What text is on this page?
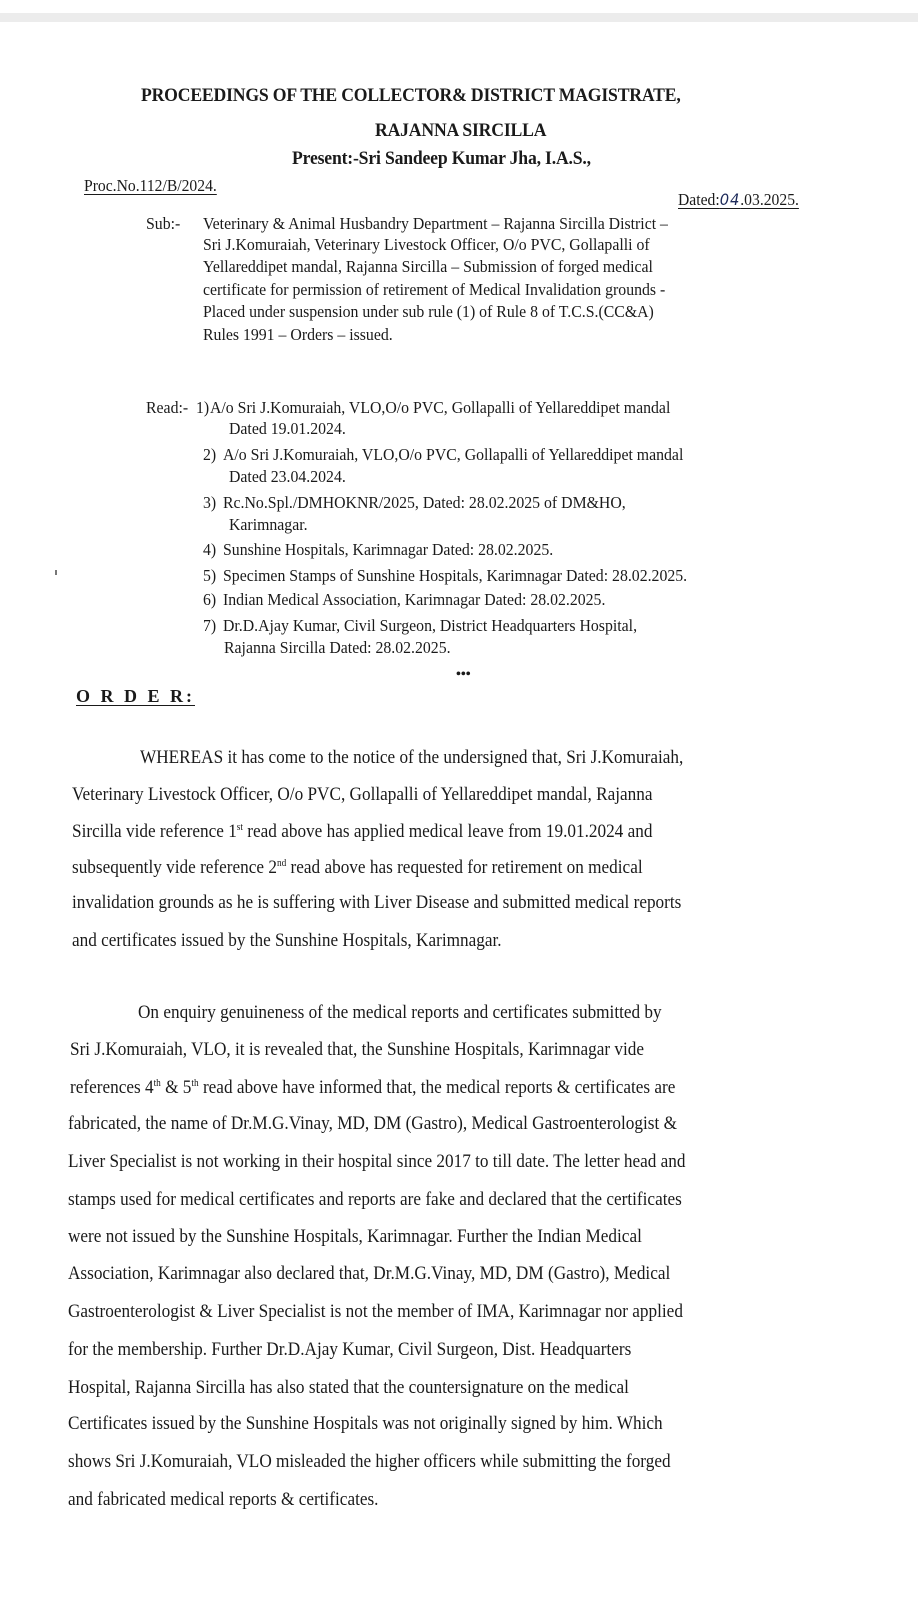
PROCEEDINGS OF THE COLLECTOR& DISTRICT MAGISTRATE,
RAJANNA SIRCILLA
Present:-Sri Sandeep Kumar Jha, I.A.S.,
Proc.No.112/B/2024.
Dated:04.03.2025.
Sub:- Veterinary & Animal Husbandry Department – Rajanna Sircilla District –
Sri J.Komuraiah, Veterinary Livestock Officer, O/o PVC, Gollapalli of
Yellareddipet mandal, Rajanna Sircilla – Submission of forged medical
certificate for permission of retirement of Medical Invalidation grounds -
Placed under suspension under sub rule (1) of Rule 8 of T.C.S.(CC&A)
Rules 1991 – Orders – issued.
Read:- 1) A/o Sri J.Komuraiah, VLO,O/o PVC, Gollapalli of Yellareddipet mandal
Dated 19.01.2024.
2) A/o Sri J.Komuraiah, VLO,O/o PVC, Gollapalli of Yellareddipet mandal
Dated 23.04.2024.
3) Rc.No.Spl./DMHOKNR/2025, Dated: 28.02.2025 of DM&HO,
Karimnagar.
4) Sunshine Hospitals, Karimnagar Dated: 28.02.2025.
5) Specimen Stamps of Sunshine Hospitals, Karimnagar Dated: 28.02.2025.
6) Indian Medical Association, Karimnagar Dated: 28.02.2025.
7) Dr.D.Ajay Kumar, Civil Surgeon, District Headquarters Hospital,
Rajanna Sircilla Dated: 28.02.2025.
•••
O R D E R:
WHEREAS it has come to the notice of the undersigned that, Sri J.Komuraiah,
Veterinary Livestock Officer, O/o PVC, Gollapalli of Yellareddipet mandal, Rajanna
Sircilla vide reference 1st read above has applied medical leave from 19.01.2024 and
subsequently vide reference 2nd read above has requested for retirement on medical
invalidation grounds as he is suffering with Liver Disease and submitted medical reports
and certificates issued by the Sunshine Hospitals, Karimnagar.
On enquiry genuineness of the medical reports and certificates submitted by
Sri J.Komuraiah, VLO, it is revealed that, the Sunshine Hospitals, Karimnagar vide
references 4th & 5th read above have informed that, the medical reports & certificates are
fabricated, the name of Dr.M.G.Vinay, MD, DM (Gastro), Medical Gastroenterologist &
Liver Specialist is not working in their hospital since 2017 to till date. The letter head and
stamps used for medical certificates and reports are fake and declared that the certificates
were not issued by the Sunshine Hospitals, Karimnagar. Further the Indian Medical
Association, Karimnagar also declared that, Dr.M.G.Vinay, MD, DM (Gastro), Medical
Gastroenterologist & Liver Specialist is not the member of IMA, Karimnagar nor applied
for the membership. Further Dr.D.Ajay Kumar, Civil Surgeon, Dist. Headquarters
Hospital, Rajanna Sircilla has also stated that the countersignature on the medical
Certificates issued by the Sunshine Hospitals was not originally signed by him. Which
shows Sri J.Komuraiah, VLO misleaded the higher officers while submitting the forged
and fabricated medical reports & certificates.
